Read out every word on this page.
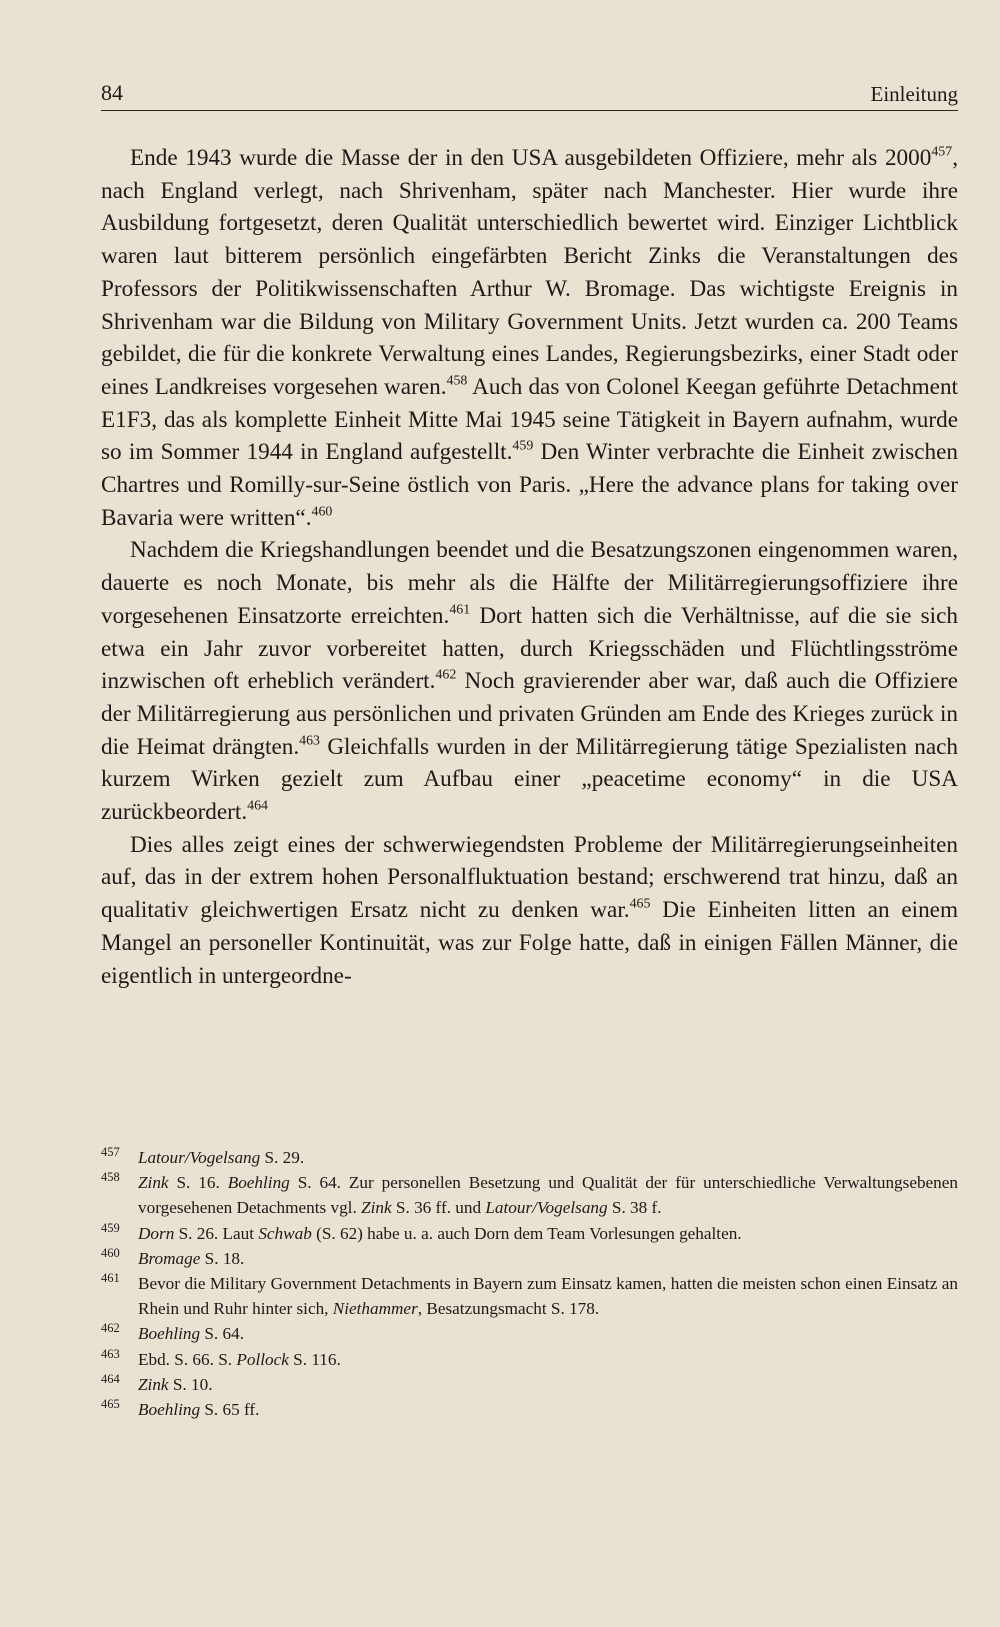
84	Einleitung

Ende 1943 wurde die Masse der in den USA ausgebildeten Offiziere, mehr als 2000$^{457}$, nach England verlegt, nach Shrivenham, später nach Manchester. Hier wurde ihre Ausbildung fortgesetzt, deren Qualität unterschiedlich bewertet wird. Einziger Lichtblick waren laut bitterem persönlich eingefärbten Bericht Zinks die Veranstaltungen des Professors der Politikwissenschaften Arthur W. Bromage. Das wichtigste Ereignis in Shrivenham war die Bildung von Military Government Units. Jetzt wurden ca. 200 Teams gebildet, die für die konkrete Verwaltung eines Landes, Regierungsbezirks, einer Stadt oder eines Landkreises vorgesehen waren.$^{458}$ Auch das von Colonel Keegan geführte Detachment E1F3, das als komplette Einheit Mitte Mai 1945 seine Tätigkeit in Bayern aufnahm, wurde so im Sommer 1944 in England aufgestellt.$^{459}$ Den Winter verbrachte die Einheit zwischen Chartres und Romilly-sur-Seine östlich von Paris. „Here the advance plans for taking over Bavaria were written“.$^{460}$

Nachdem die Kriegshandlungen beendet und die Besatzungszonen eingenommen waren, dauerte es noch Monate, bis mehr als die Hälfte der Militärregierungsoffiziere ihre vorgesehenen Einsatzorte erreichten.$^{461}$ Dort hatten sich die Verhältnisse, auf die sie sich etwa ein Jahr zuvor vorbereitet hatten, durch Kriegsschäden und Flüchtlingsströme inzwischen oft erheblich verändert.$^{462}$ Noch gravierender aber war, daß auch die Offiziere der Militärregierung aus persönlichen und privaten Gründen am Ende des Krieges zurück in die Heimat drängten.$^{463}$ Gleichfalls wurden in der Militärregierung tätige Spezialisten nach kurzem Wirken gezielt zum Aufbau einer „peacetime economy“ in die USA zurückbeordert.$^{464}$

Dies alles zeigt eines der schwerwiegendsten Probleme der Militärregierungseinheiten auf, das in der extrem hohen Personalfluktuation bestand; erschwerend trat hinzu, daß an qualitativ gleichwertigen Ersatz nicht zu denken war.$^{465}$ Die Einheiten litten an einem Mangel an personeller Kontinuität, was zur Folge hatte, daß in einigen Fällen Männer, die eigentlich in untergeordne-

457 Latour/Vogelsang S. 29.
458 Zink S. 16. Boehling S. 64. Zur personellen Besetzung und Qualität der für unterschiedliche Verwaltungsebenen vorgesehenen Detachments vgl. Zink S. 36 ff. und Latour/Vogelsang S. 38 f.
459 Dorn S. 26. Laut Schwab (S. 62) habe u. a. auch Dorn dem Team Vorlesungen gehalten.
460 Bromage S. 18.
461 Bevor die Military Government Detachments in Bayern zum Einsatz kamen, hatten die meisten schon einen Einsatz an Rhein und Ruhr hinter sich, Niethammer, Besatzungsmacht S. 178.
462 Boehling S. 64.
463 Ebd. S. 66. S. Pollock S. 116.
464 Zink S. 10.
465 Boehling S. 65 ff.
